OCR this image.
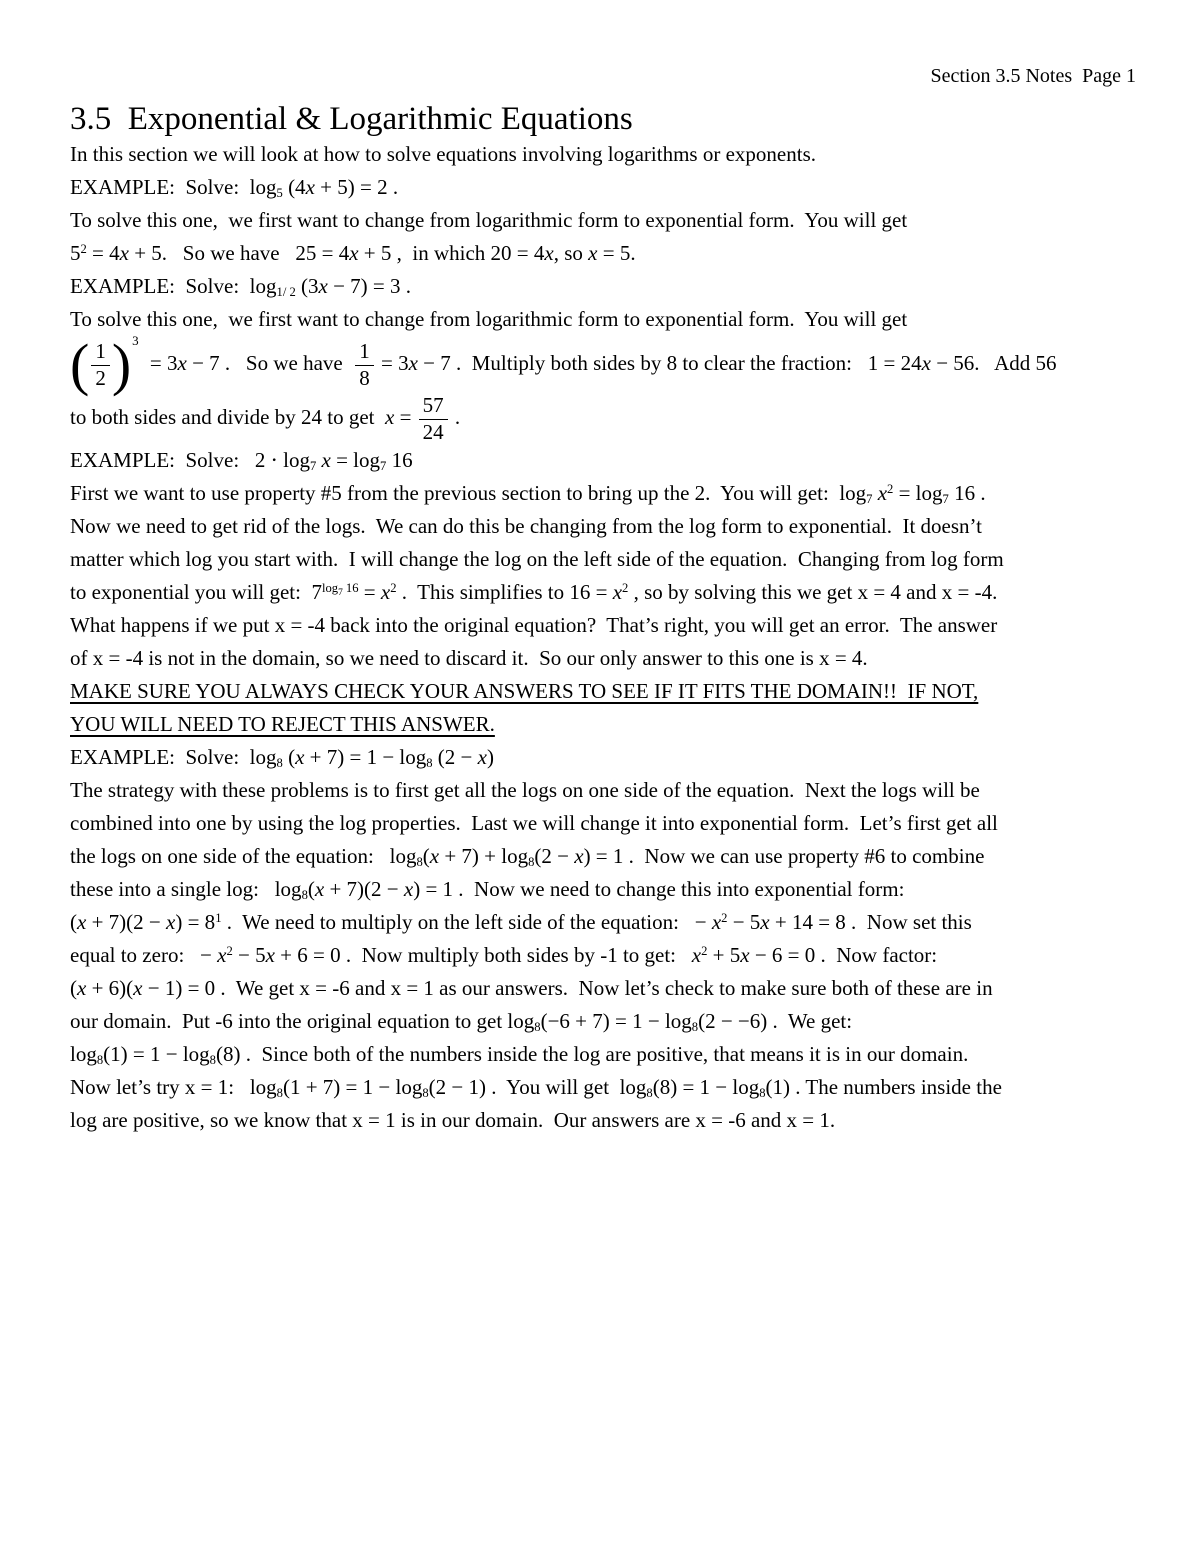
Section 3.5 Notes  Page 1
3.5  Exponential & Logarithmic Equations

In this section we will look at how to solve equations involving logarithms or exponents.

EXAMPLE:  Solve:  $\log_5 (4x + 5) = 2$ .

To solve this one,  we first want to change from logarithmic form to exponential form.  You will get
$5^2 = 4x + 5$.   So we have   25 = 4x + 5 ,  in which 20 = 4x, so x = 5.

EXAMPLE:  Solve:  $\log_{1/ 2} (3x - 7) = 3$ .

To solve this one,  we first want to change from logarithmic form to exponential form.  You will get

( $\frac{1}{2}$ ) 3
= 3x − 7 .   So we have $\frac{1}{8} = 3x - 7$ .  Multiply both sides by 8 to clear the fraction:   1 = 24x − 56.   Add 56
to both sides and divide by 24 to get  $x = \frac{57}{24}$ .

EXAMPLE:  Solve:   $2 \cdot \log_7 x = \log_7 16$

First we want to use property #5 from the previous section to bring up the 2.  You will get:  $\log_7 x^2 = \log_7 16$ .
Now we need to get rid of the logs.  We can do this be changing from the log form to exponential.  It doesn’t
matter which log you start with.  I will change the log on the left side of the equation.  Changing from log form
to exponential you will get:  $7^{log_7 16} = x^2$ .  This simplifies to $16 = x^2$ , so by solving this we get x = 4 and x = -4.
What happens if we put x = -4 back into the original equation?  That’s right, you will get an error.  The answer
of x = -4 is not in the domain, so we need to discard it.  So our only answer to this one is x = 4.

MAKE SURE YOU ALWAYS CHECK YOUR ANSWERS TO SEE IF IT FITS THE DOMAIN!!  IF NOT,
YOU WILL NEED TO REJECT THIS ANSWER.

EXAMPLE:  Solve:  $\log_8 (x + 7) = 1 - \log_8 (2 - x)$

The strategy with these problems is to first get all the logs on one side of the equation.  Next the logs will be
combined into one by using the log properties.  Last we will change it into exponential form.  Let’s first get all
the logs on one side of the equation:   $\log_8(x + 7) + \log_8(2 - x) = 1$ .  Now we can use property #6 to combine
these into a single log:   $\log_8(x + 7)(2 - x) = 1$ .  Now we need to change this into exponential form:
$(x + 7)(2 - x) = 8^1$ .  We need to multiply on the left side of the equation:   − $x^2 - 5x + 14 = 8$ .  Now set this
equal to zero:   − $x^2 - 5x + 6 = 0$ .  Now multiply both sides by -1 to get:   $x^2 + 5x - 6 = 0$ .  Now factor:
(x + 6)(x − 1) = 0 .  We get x = -6 and x = 1 as our answers.  Now let’s check to make sure both of these are in
our domain.  Put -6 into the original equation to get $\log_8(-6 + 7) = 1 - \log_8(2 - -6)$ .  We get:
$\log_8(1) = 1 - \log_8(8)$ .  Since both of the numbers inside the log are positive, that means it is in our domain.
Now let’s try x = 1:   $\log_8(1 + 7) = 1 - \log_8(2 - 1)$ .  You will get  $\log_8(8) = 1 - \log_8(1)$ . The numbers inside the
log are positive, so we know that x = 1 is in our domain.  Our answers are x = -6 and x = 1.
